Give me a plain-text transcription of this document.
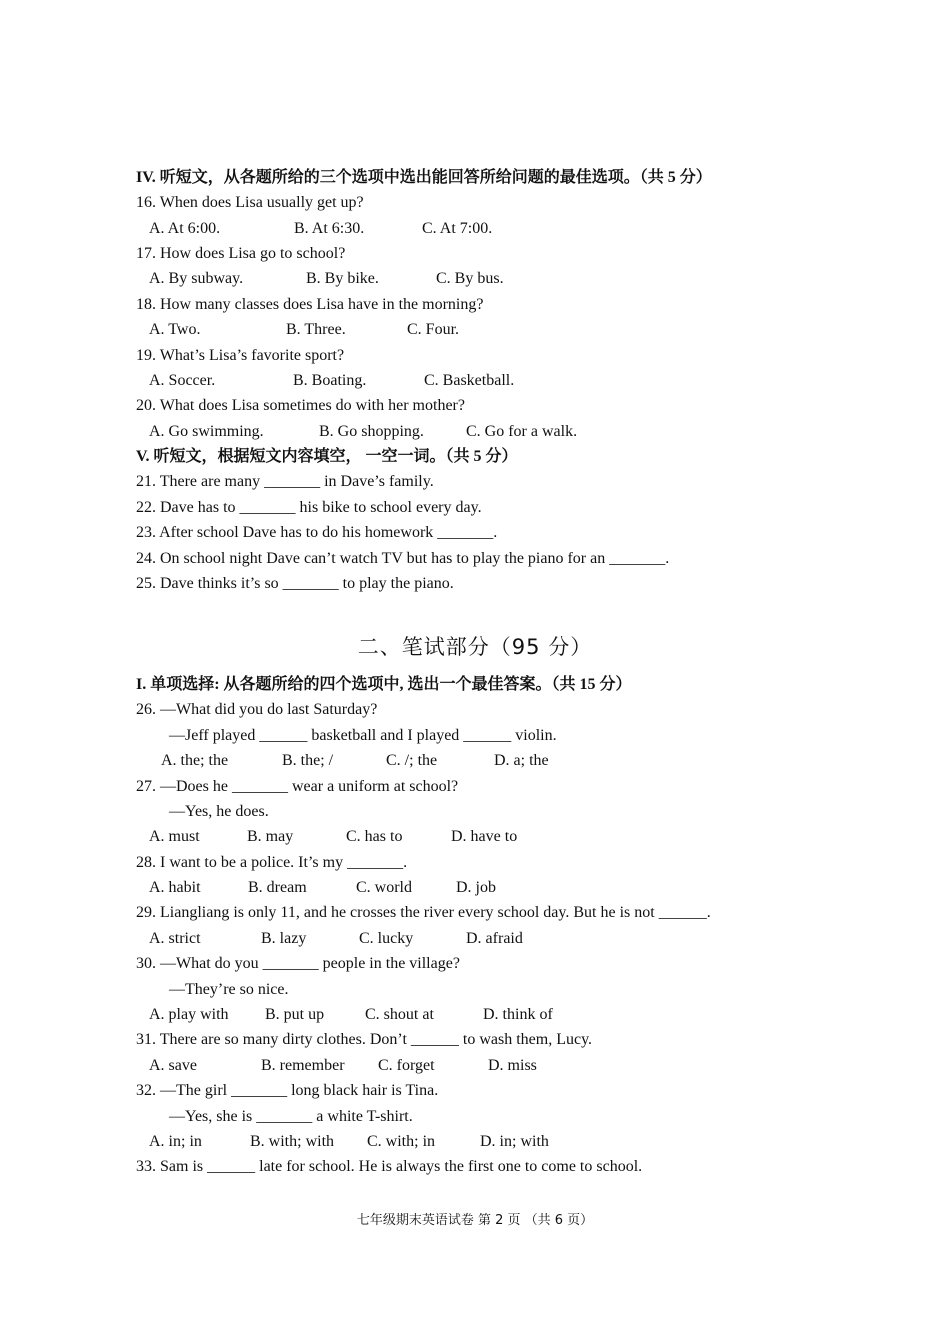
IV. 听短文，从各题所给的三个选项中选出能回答所给问题的最佳选项。（共 5 分）
16. When does Lisa usually get up?
A. At 6:00.	B. At 6:30.	C. At 7:00.
17. How does Lisa go to school?
A. By subway.	B. By bike.	C. By bus.
18. How many classes does Lisa have in the morning?
A. Two.	B. Three.	C. Four.
19. What’s Lisa’s favorite sport?
A. Soccer.	B. Boating.	C. Basketball.
20. What does Lisa sometimes do with her mother?
A. Go swimming.	B. Go shopping.	C. Go for a walk.
V. 听短文，根据短文内容填空， 一空一词。（共 5 分）
21. There are many _______ in Dave’s family.
22. Dave has to _______ his bike to school every day.
23. After school Dave has to do his homework _______.
24. On school night Dave can’t watch TV but has to play the piano for an _______.
25. Dave thinks it’s so _______ to play the piano.
二、笔试部分（95 分）
I. 单项选择: 从各题所给的四个选项中, 选出一个最佳答案。（共 15 分）
26. —What did you do last Saturday?
—Jeff played ______ basketball and I played ______ violin.
A. the; the	B. the; /	C. /; the	D. a; the
27. —Does he _______ wear a uniform at school?
—Yes, he does.
A. must	B. may	C. has to	D. have to
28. I want to be a police. It’s my _______.
A. habit	B. dream	C. world	D. job
29. Liangliang is only 11, and he crosses the river every school day. But he is not ______.
A. strict	B. lazy	C. lucky	D. afraid
30. —What do you _______ people in the village?
—They’re so nice.
A. play with B. put up	C. shout at	D. think of
31. There are so many dirty clothes. Don’t ______ to wash them, Lucy.
A. save	B. remember C. forget	D. miss
32. —The girl _______ long black hair is Tina.
—Yes, she is _______ a white T-shirt.
A. in; in	B. with; with C. with; in	D. in; with
33. Sam is ______ late for school. He is always the first one to come to school.
七年级期末英语试卷 第 2 页 （共 6 页）
